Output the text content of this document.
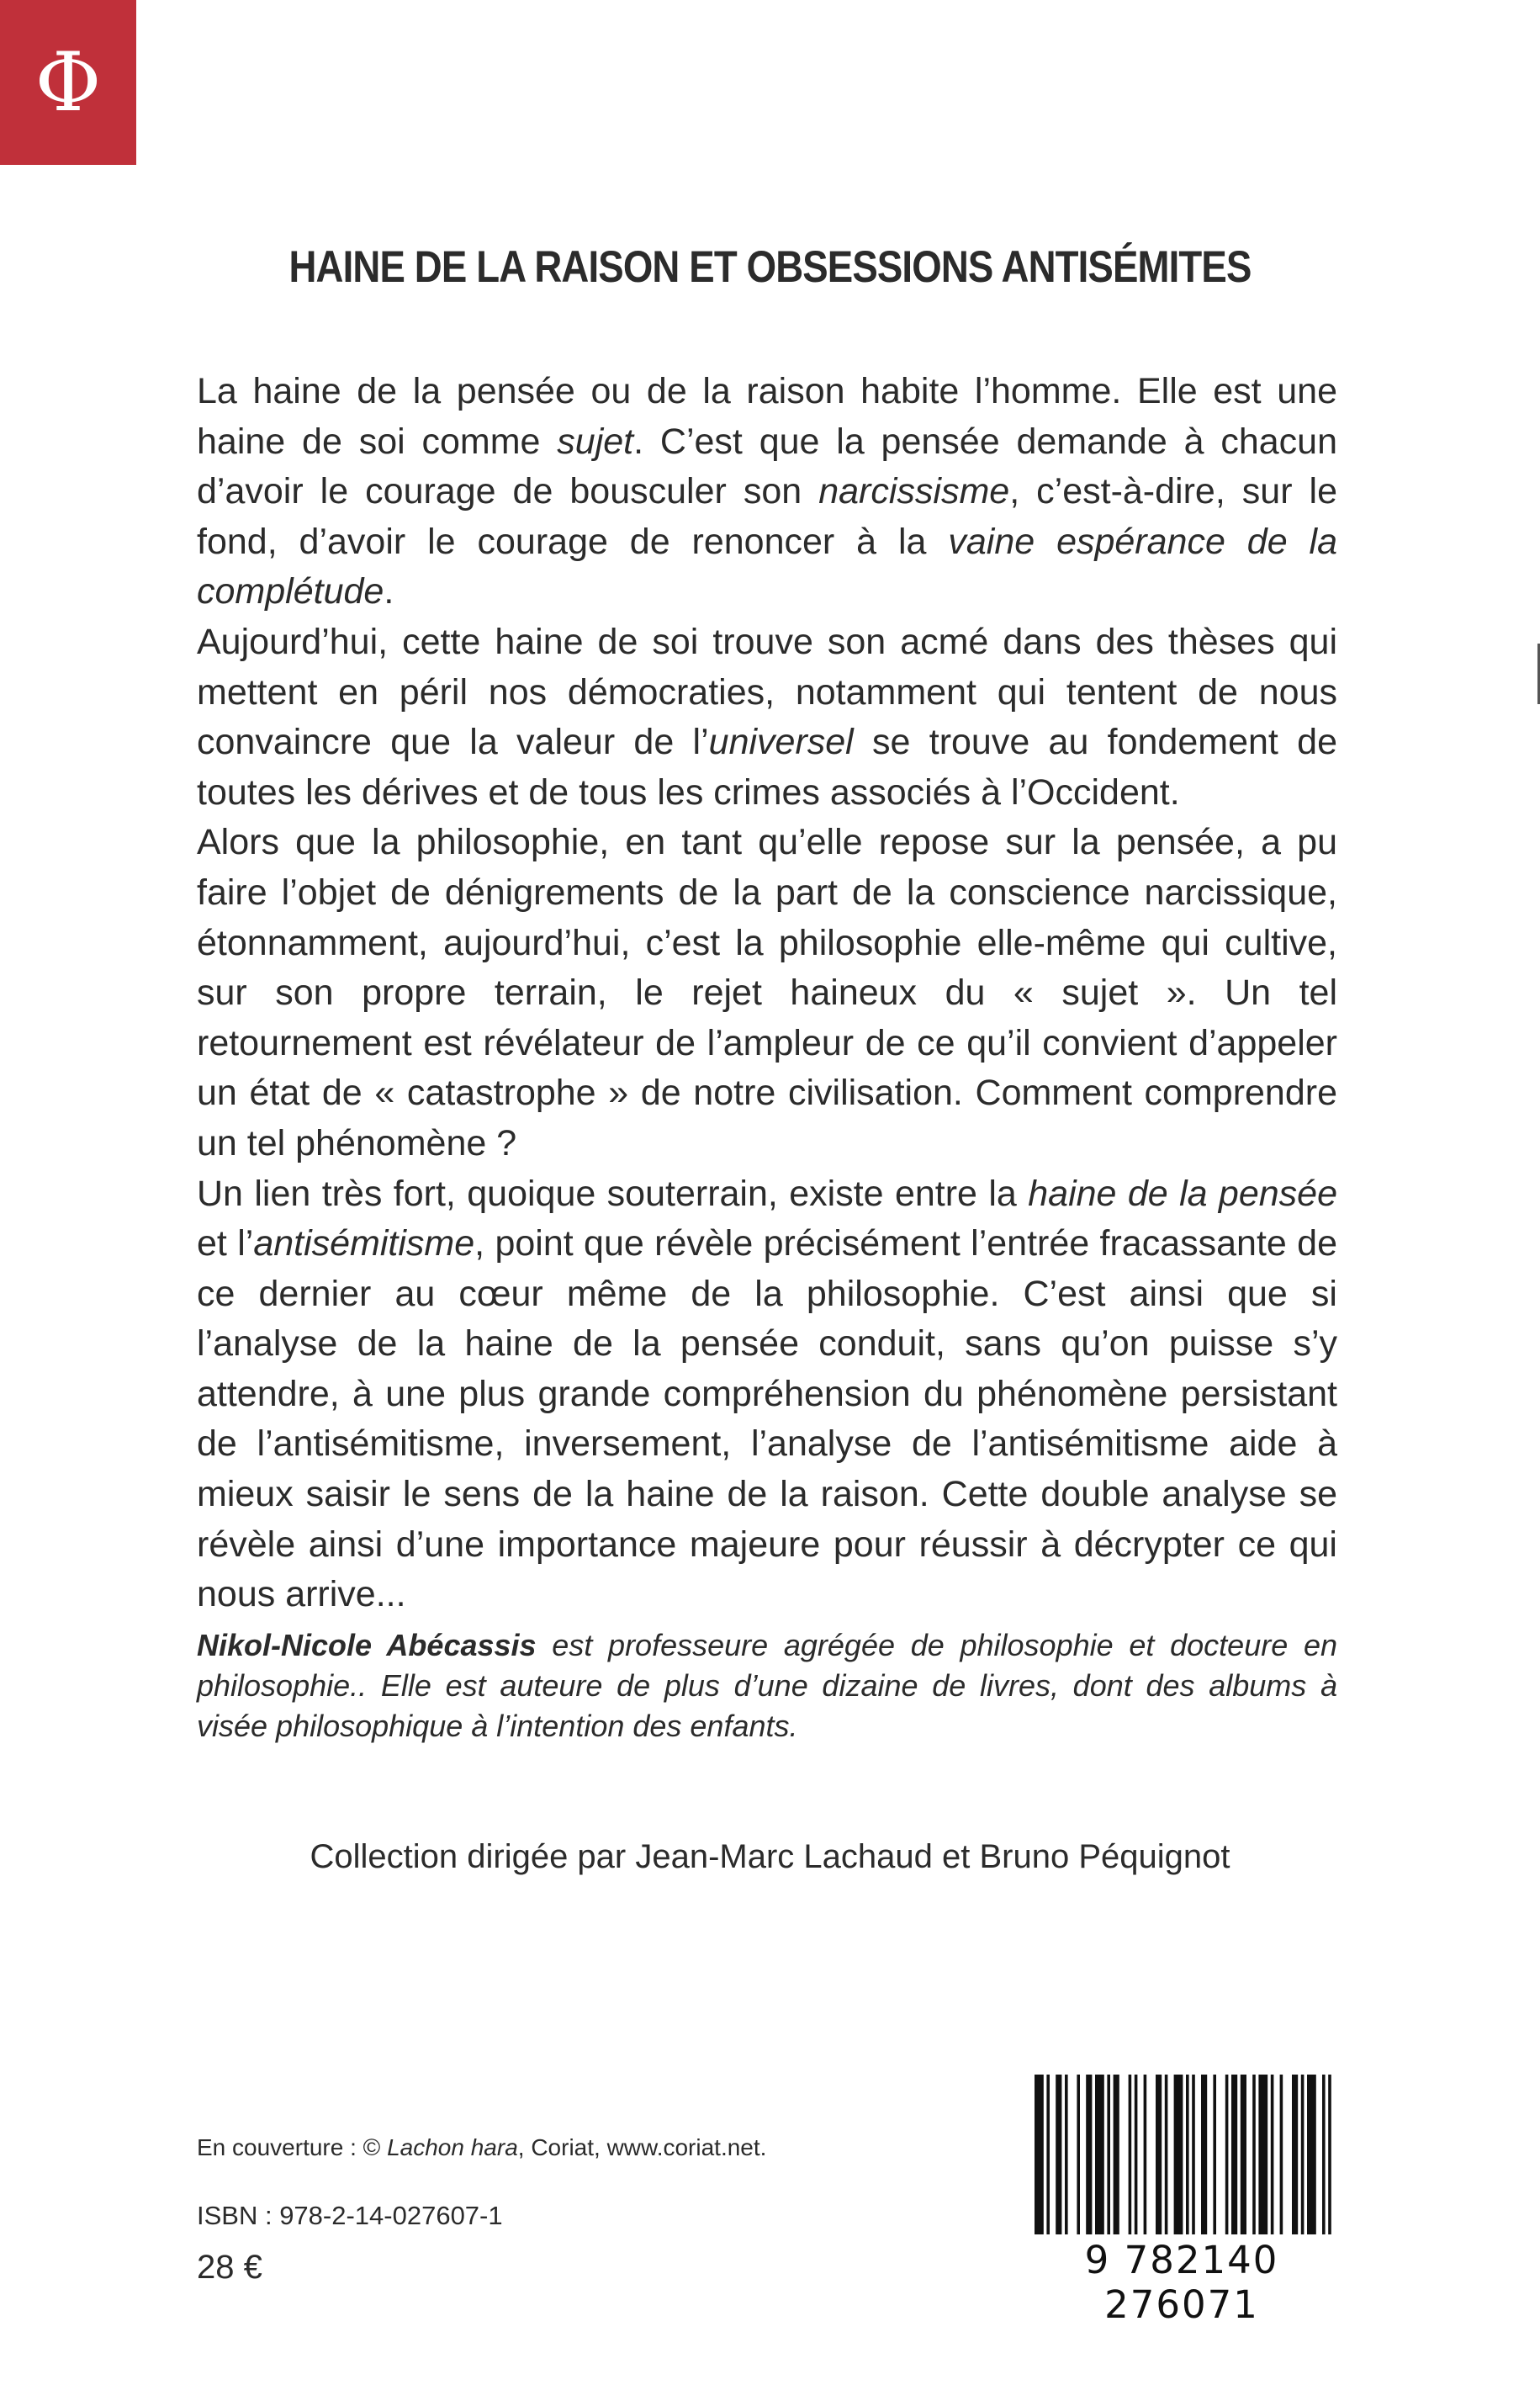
Φ
HAINE DE LA RAISON ET OBSESSIONS ANTISÉMITES

La haine de la pensée ou de la raison habite l’homme. Elle est une haine de soi comme sujet. C’est que la pensée demande à chacun d’avoir le courage de bousculer son narcissisme, c’est-à-dire, sur le fond, d’avoir le courage de renoncer à la vaine espérance de la complétude.

Aujourd’hui, cette haine de soi trouve son acmé dans des thèses qui mettent en péril nos démocraties, notamment qui tentent de nous convaincre que la valeur de l’universel se trouve au fondement de toutes les dérives et de tous les crimes associés à l’Occident.

Alors que la philosophie, en tant qu’elle repose sur la pensée, a pu faire l’objet de dénigrements de la part de la conscience narcissique, étonnamment, aujourd’hui, c’est la philosophie elle-même qui cultive, sur son propre terrain, le rejet haineux du « sujet ». Un tel retournement est révélateur de l’ampleur de ce qu’il convient d’appeler un état de « catastrophe » de notre civilisation. Comment comprendre un tel phénomène ?

Un lien très fort, quoique souterrain, existe entre la haine de la pensée et l’antisémitisme, point que révèle précisément l’entrée fracassante de ce dernier au cœur même de la philosophie. C’est ainsi que si l’analyse de la haine de la pensée conduit, sans qu’on puisse s’y attendre, à une plus grande compréhension du phénomène persistant de l’antisémitisme, inversement, l’analyse de l’antisémitisme aide à mieux saisir le sens de la haine de la raison. Cette double analyse se révèle ainsi d’une importance majeure pour réussir à décrypter ce qui nous arrive...

Nikol-Nicole Abécassis est professeure agrégée de philosophie et docteure en philosophie.. Elle est auteure de plus d’une dizaine de livres, dont des albums à visée philosophique à l’intention des enfants.
Collection dirigée par Jean-Marc Lachaud et Bruno Péquignot
En couverture : © Lachon hara, Coriat, www.coriat.net.
ISBN : 978-2-14-027607-1
28 €	9 782140 276071
